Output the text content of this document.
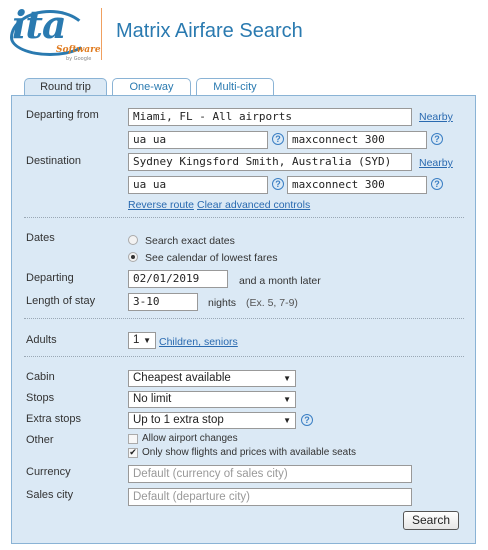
ita
Software
by Google
Matrix Airfare Search
Round trip	One-way	Multi-city
Departing from	Miami, FL - All airports	Nearby
ua ua	?	maxconnect 300	?
Destination	Sydney Kingsford Smith, Australia (SYD)	Nearby
ua ua	?	maxconnect 300	?
Reverse route Clear advanced controls
Dates	Search exact dates
See calendar of lowest fares
Departing	02/01/2019	and a month later
Length of stay	3-10	nights (Ex. 5, 7-9)
Adults	1 ▼ Children, seniors
Cabin	Cheapest available	▼
Stops	No limit	▼
Extra stops	Up to 1 extra stop	▼	?
Other	Allow airport changes
✔ Only show flights and prices with available seats
Currency	Default (currency of sales city)
Sales city	Default (departure city)
Search
